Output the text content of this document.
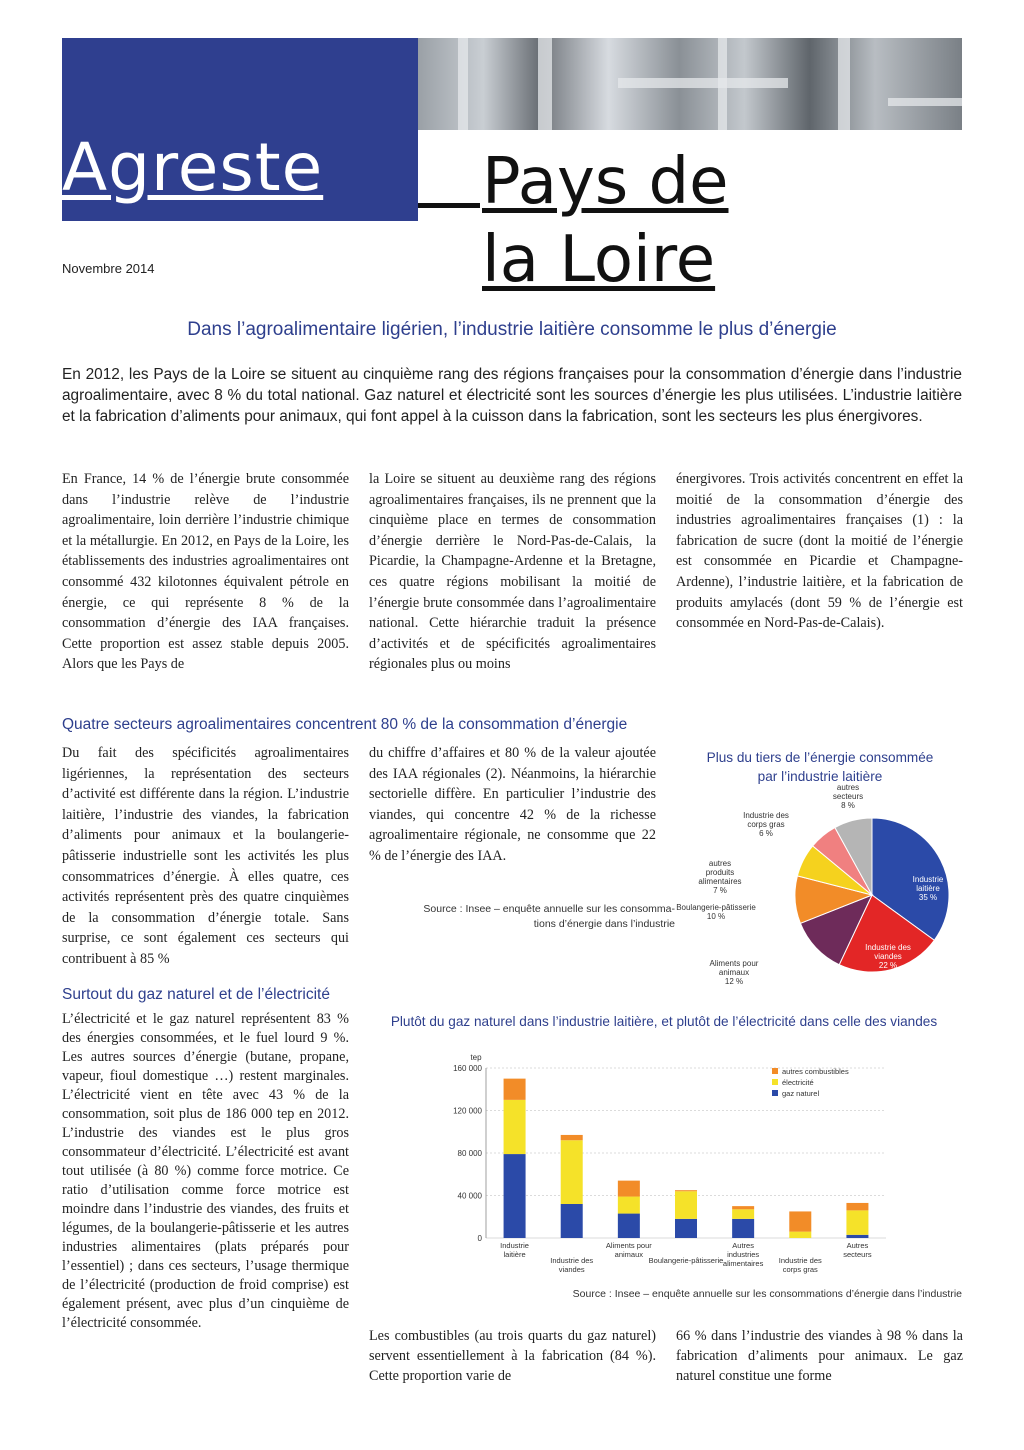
Agreste	Pays de
la Loire
Novembre 2014
Dans l’agroalimentaire ligérien, l’industrie laitière consomme le plus d’énergie
En 2012, les Pays de la Loire se situent au cinquième rang des régions françaises pour la consommation d’énergie dans l’industrie agroalimentaire, avec 8 % du total national. Gaz naturel et électricité sont les sources d’énergie les plus utilisées. L’industrie laitière et la fabrication d’aliments pour animaux, qui font appel à la cuisson dans la fabrication, sont les secteurs les plus énergivores.
En France, 14 % de l’énergie brute consommée dans l’industrie relève de l’industrie agroalimentaire, loin derrière l’industrie chimique et la métallurgie. En 2012, en Pays de la Loire, les établissements des industries agroalimentaires ont consommé 432 kilotonnes équivalent pétrole en énergie, ce qui représente 8 % de la consommation d’énergie des IAA françaises. Cette proportion est assez stable depuis 2005. Alors que les Pays de
la Loire se situent au deuxième rang des régions agroalimentaires françaises, ils ne prennent que la cinquième place en termes de consommation d’énergie derrière le Nord-Pas-de-Calais, la Picardie, la Champagne-Ardenne et la Bretagne, ces quatre régions mobilisant la moitié de l’énergie brute consommée dans l’agroalimentaire national. Cette hiérarchie traduit la présence d’activités et de spécificités agroalimentaires régionales plus ou moins
énergivores. Trois activités concentrent en effet la moitié de la consommation d’énergie des industries agroalimentaires françaises (1) : la fabrication de sucre (dont la moitié de l’énergie est consommée en Picardie et Champagne-Ardenne), l’industrie laitière, et la fabrication de produits amylacés (dont 59 % de l’énergie est consommée en Nord-Pas-de-Calais).
Quatre secteurs agroalimentaires concentrent 80 % de la consommation d’énergie
Du fait des spécificités agroalimentaires ligériennes, la représentation des secteurs d’activité est différente dans la région. L’industrie laitière, l’industrie des viandes, la fabrication d’aliments pour animaux et la boulangerie-pâtisserie industrielle sont les activités les plus consommatrices d’énergie. À elles quatre, ces activités représentent près des quatre cinquièmes de la consommation d’énergie totale. Sans surprise, ce sont également ces secteurs qui contribuent à 85 %
du chiffre d’affaires et 80 % de la valeur ajoutée des IAA régionales (2). Néanmoins, la hiérarchie sectorielle diffère. En particulier l’industrie des viandes, qui concentre 42 % de la richesse agroalimentaire régionale, ne consomme que 22 % de l’énergie des IAA.
Source : Insee – enquête annuelle sur les consomma-
tions d’énergie dans l’industrie
Plus du tiers de l’énergie consommée
par l’industrie laitière
Industrie laitière 35 %
Industrie des viandes 22 %
Aliments pour animaux 12 %
Boulangerie-pâtisserie 10 %
autres produits alimentaires 7 %
Industrie des corps gras 6 %
autres secteurs 8 %
Surtout du gaz naturel et de l’électricité
L’électricité et le gaz naturel représentent 83 % des énergies consommées, et le fuel lourd 9 %. Les autres sources d’énergie (butane, propane, vapeur, fioul domestique …) restent marginales. L’électricité vient en tête avec 43 % de la consommation, soit plus de 186 000 tep en 2012. L’industrie des viandes est le plus gros consommateur d’électricité. L’électricité est avant tout utilisée (à 80 %) comme force motrice. Ce ratio d’utilisation comme force motrice est moindre dans l’industrie des viandes, des fruits et légumes, de la boulangerie-pâtisserie et les autres industries alimentaires (plats préparés pour l’essentiel) ; dans ces secteurs, l’usage thermique de l’électricité (production de froid comprise) est également présent, avec plus d’un cinquième de l’électricité consommée.
Plutôt du gaz naturel dans l’industrie laitière, et plutôt de l’électricité dans celle des viandes
tep
0
40 000
80 000
120 000
160 000
Industrie laitière
Industrie des viandes
Aliments pour animaux
Boulangerie-pâtisserie
Autres industries alimentaires Industrie des corps gras
Autres secteurs
autres combustibles
électricité
gaz naturel
Source : Insee – enquête annuelle sur les consommations d’énergie dans l’industrie
Les combustibles (au trois quarts du gaz naturel) servent essentiellement à la fabrication (84 %). Cette proportion varie de
66 % dans l’industrie des viandes à 98 % dans la fabrication d’aliments pour animaux. Le gaz naturel constitue une forme
